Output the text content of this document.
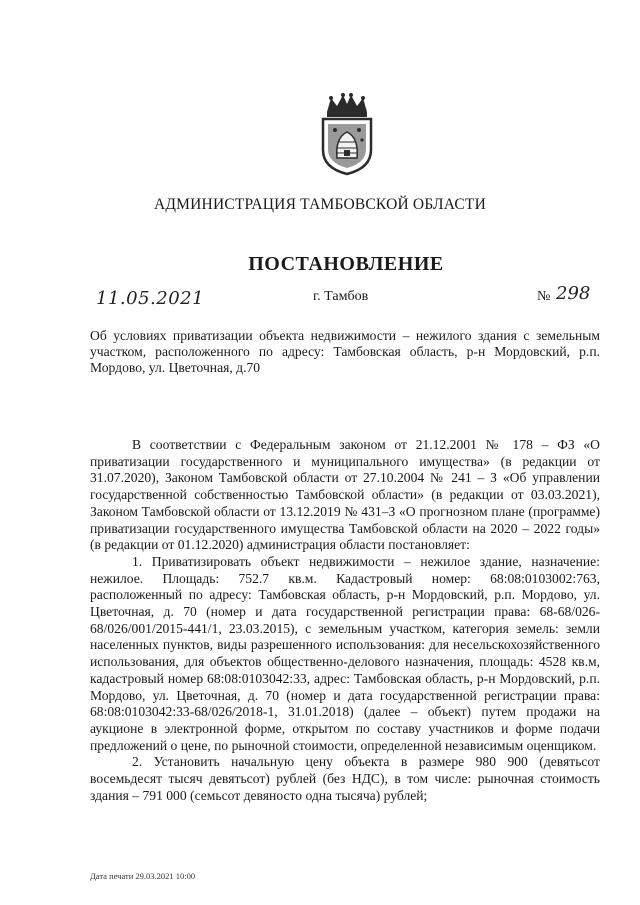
АДМИНИСТРАЦИЯ ТАМБОВСКОЙ ОБЛАСТИ
ПОСТАНОВЛЕНИЕ
11.05.2021	г. Тамбов	№ 298
Об условиях приватизации объекта недвижимости – нежилого здания с земельным участком, расположенного по адресу: Тамбовская область, р-н Мордовский, р.п. Мордово, ул. Цветочная, д.70

В соответствии с Федеральным законом от 21.12.2001 № 178 – ФЗ «О приватизации государственного и муниципального имущества» (в редакции от 31.07.2020), Законом Тамбовской области от 27.10.2004 № 241 – З «Об управлении государственной собственностью Тамбовской области» (в редакции от 03.03.2021), Законом Тамбовской области от 13.12.2019 № 431–З «О прогнозном плане (программе) приватизации государственного имущества Тамбовской области на 2020 – 2022 годы» (в редакции от 01.12.2020) администрация области постановляет:

1. Приватизировать объект недвижимости – нежилое здание, назначение: нежилое. Площадь: 752.7 кв.м. Кадастровый номер: 68:08:0103002:763, расположенный по адресу: Тамбовская область, р-н Мордовский, р.п. Мордово, ул. Цветочная, д. 70 (номер и дата государственной регистрации права: 68-68/026-68/026/001/2015-441/1, 23.03.2015), с земельным участком, категория земель: земли населенных пунктов, виды разрешенного использования: для несельскохозяйственного использования, для объектов общественно-делового назначения, площадь: 4528 кв.м, кадастровый номер 68:08:0103042:33, адрес: Тамбовская область, р-н Мордовский, р.п. Мордово, ул. Цветочная, д. 70 (номер и дата государственной регистрации права: 68:08:0103042:33-68/026/2018-1, 31.01.2018) (далее – объект) путем продажи на аукционе в электронной форме, открытом по составу участников и форме подачи предложений о цене, по рыночной стоимости, определенной независимым оценщиком.

2. Установить начальную цену объекта в размере 980 900 (девятьсот восемьдесят тысяч девятьсот) рублей (без НДС), в том числе: рыночная стоимость здания – 791 000 (семьсот девяносто одна тысяча) рублей;

Дата печати 29.03.2021 10:00
